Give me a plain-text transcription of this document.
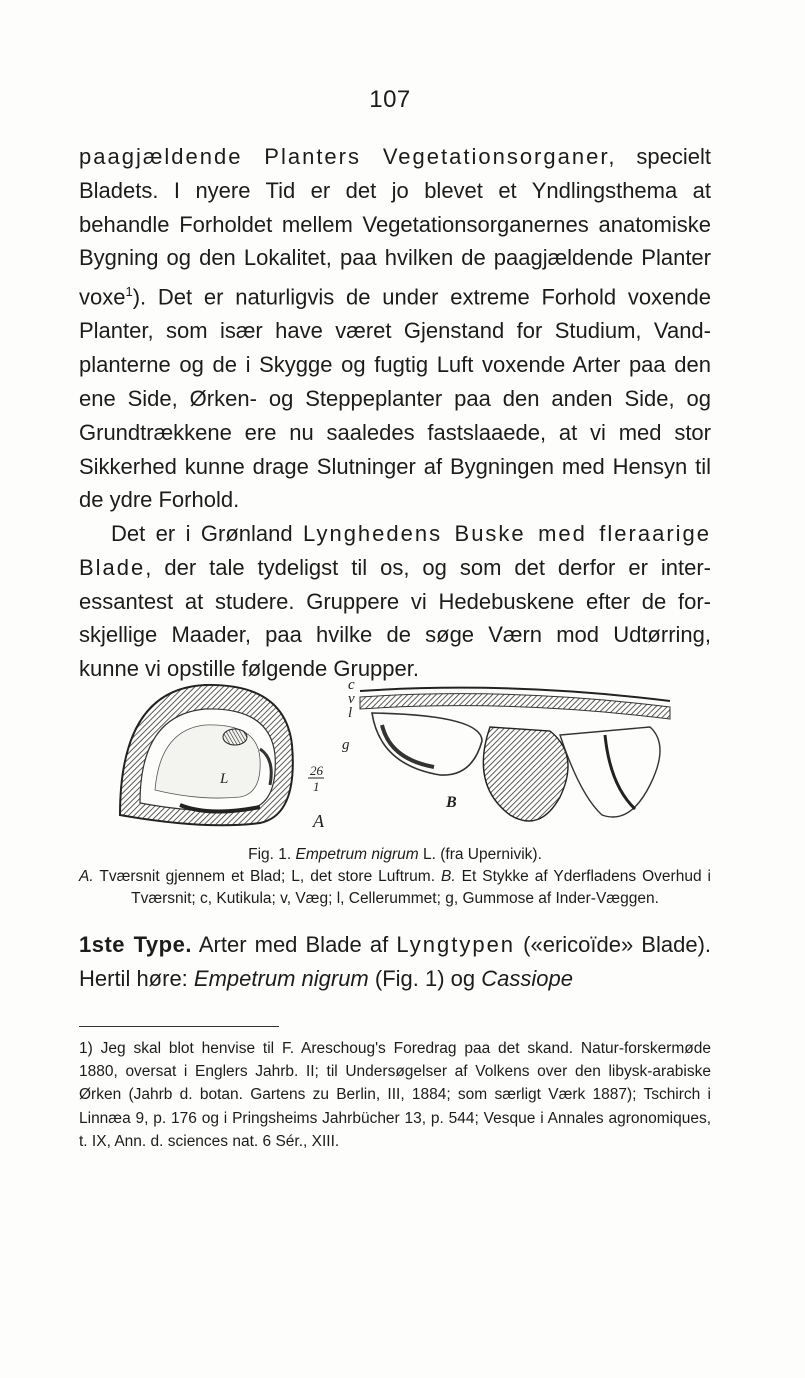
107

paagjældende Planters Vegetationsorganer, specielt Bladets. I nyere Tid er det jo blevet et Yndlingsthema at behandle Forholdet mellem Vegetationsorganernes anatomiske Bygning og den Lokalitet, paa hvilken de paagjældende Planter voxe$^1$). Det er naturligvis de under extreme Forhold voxende Planter, som især have været Gjenstand for Studium, Vand-planterne og de i Skygge og fugtig Luft voxende Arter paa den ene Side, Ørken- og Steppeplanter paa den anden Side, og Grundtrækkene ere nu saaledes fastslaaede, at vi med stor Sikkerhed kunne drage Slutninger af Bygningen med Hensyn til de ydre Forhold.

Det er i Grønland Lynghedens Buske med fleraarige Blade, der tale tydeligst til os, og som det derfor er inter-essantest at studere. Gruppere vi Hedebuskene efter de for-skjellige Maader, paa hvilke de søge Værn mod Udtørring, kunne vi opstille følgende Grupper.

L
26
1
A
c
v
l
g
B
Fig. 1. Empetrum nigrum L. (fra Upernivik).
A. Tværsnit gjennem et Blad; L, det store Luftrum. B. Et Stykke af Yderfladens Overhud i Tværsnit; c, Kutikula; v, Væg; l, Cellerummet; g, Gummose af Inder-Væggen.
1ste Type. Arter med Blade af Lyngtypen («ericoïde» Blade). Hertil høre: Empetrum nigrum (Fig. 1) og Cassiope
1) Jeg skal blot henvise til F. Areschoug's Foredrag paa det skand. Natur-forskermøde 1880, oversat i Englers Jahrb. II; til Undersøgelser af Volkens over den libysk-arabiske Ørken (Jahrb d. botan. Gartens zu Berlin, III, 1884; som særligt Værk 1887); Tschirch i Linnæa 9, p. 176 og i Pringsheims Jahrbücher 13, p. 544; Vesque i Annales agronomiques, t. IX, Ann. d. sciences nat. 6 Sér., XIII.
